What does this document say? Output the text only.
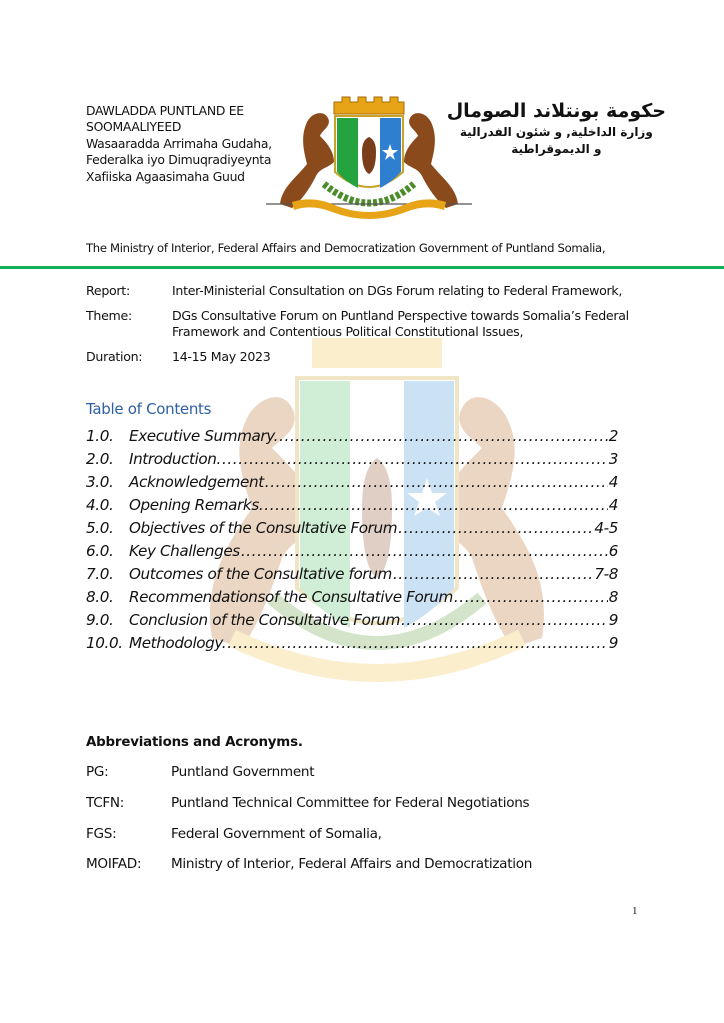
DAWLADDA PUNTLAND EE
SOOMAALIYEED
Wasaaradda Arrimaha Gudaha,
Federalka iyo Dimuqradiyeynta
Xafiiska Agaasimaha Guud
حكومة بونتلاند الصومال
وزارة الداخلية, و شئون الفدرالية
و الديموقراطية
The Ministry of Interior, Federal Affairs and Democratization Government of Puntland Somalia,
Report:	Inter-Ministerial Consultation on DGs Forum relating to Federal Framework,
Theme:	DGs Consultative Forum on Puntland Perspective towards Somalia’s Federal Framework and Contentious Political Constitutional Issues,
Duration:	14-15 May 2023
Table of Contents
1.0.	Executive Summary. .....	2
2.0.	Introduction. .....	3
3.0.	Acknowledgement .....	4
4.0.	Opening Remarks. .....	4
5.0.	Objectives of the Consultative Forum .....	4-5
6.0.	Key Challenges .....	6
7.0.	Outcomes of the Consultative forum .....	7-8
8.0.	Recommendationsof the Consultative Forum .....	8
9.0.	Conclusion of the Consultative Forum .....	9
10.0. Methodology. .....	9
Abbreviations and Acronyms.
PG:	Puntland Government
TCFN:	Puntland Technical Committee for Federal Negotiations
FGS:	Federal Government of Somalia,
MOIFAD: Ministry of Interior, Federal Affairs and Democratization
1
